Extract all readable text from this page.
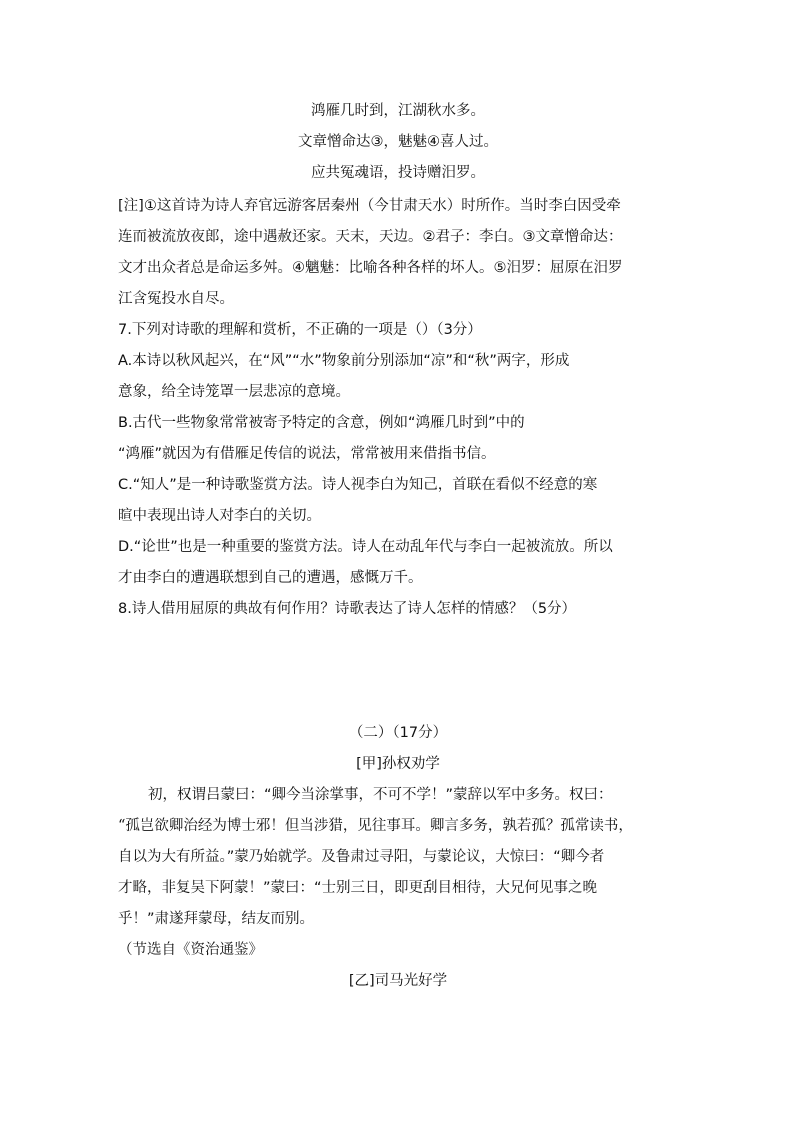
鸿雁几时到，江湖秋水多。
文章憎命达③，魅魅④喜人过。
应共冤魂语，投诗赠汨罗。
[注]①这首诗为诗人弃官远游客居秦州（今甘肃天水）时所作。当时李白因受牵
连而被流放夜郎，途中遇赦还家。天末，天边。②君子：李白。③文章憎命达：
文才出众者总是命运多舛。④魑魅：比喻各种各样的坏人。⑤汨罗：屈原在汨罗
江含冤投水自尽。
7.下列对诗歌的理解和赏析，不正确的一项是（）（3分）
A.本诗以秋风起兴，在“风”“水”物象前分别添加“凉”和“秋”两字，形成
意象，给全诗笼罩一层悲凉的意境。
B.古代一些物象常常被寄予特定的含意，例如“鸿雁几时到”中的
“鸿雁”就因为有借雁足传信的说法，常常被用来借指书信。
C.“知人”是一种诗歌鉴赏方法。诗人视李白为知己，首联在看似不经意的寒
暄中表现出诗人对李白的关切。
D.“论世”也是一种重要的鉴赏方法。诗人在动乱年代与李白一起被流放。所以
才由李白的遭遇联想到自己的遭遇，感慨万千。
8.诗人借用屈原的典故有何作用？诗歌表达了诗人怎样的情感？（5分）
（二）（17分）
[甲]孙权劝学
初，权谓吕蒙曰：“卿今当涂掌事，不可不学！”蒙辞以军中多务。权曰：
“孤岂欲卿治经为博士邪！但当涉猎，见往事耳。卿言多务，孰若孤？孤常读书，
自以为大有所益。”蒙乃始就学。及鲁肃过寻阳，与蒙论议，大惊曰：“卿今者
才略，非复吴下阿蒙！”蒙曰：“士别三日，即更刮目相待，大兄何见事之晚
乎！”肃遂拜蒙母，结友而别。
（节选自《资治通鉴》
[乙]司马光好学
